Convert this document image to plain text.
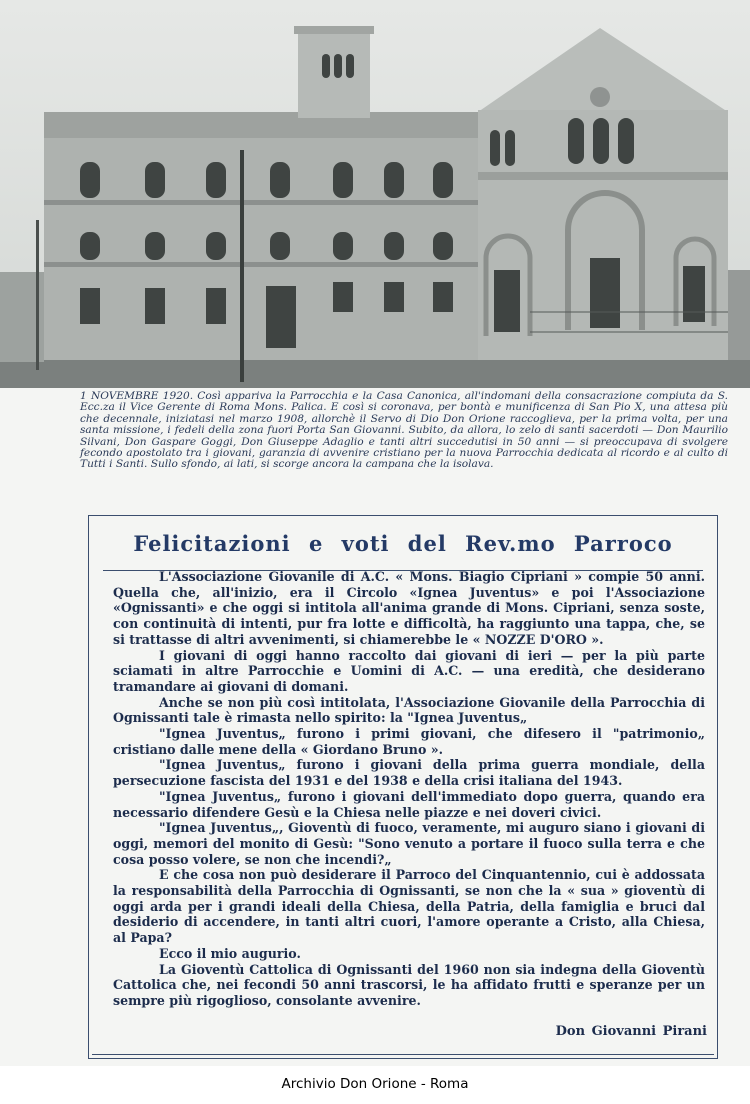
1 NOVEMBRE 1920. Così appariva la Parrocchia e la Casa Canonica, all'indomani della consacrazione compiuta da S. Ecc.za il Vice Gerente di Roma Mons. Palica. E così si coronava, per bontà e munificenza di San Pio X, una attesa più che decennale, iniziatasi nel marzo 1908, allorchè il Servo di Dio Don Orione raccoglieva, per la prima volta, per una santa missione, i fedeli della zona fuori Porta San Giovanni. Subito, da allora, lo zelo di santi sacerdoti — Don Maurilio Silvani, Don Gaspare Goggi, Don Giuseppe Adaglio e tanti altri succedutisi in 50 anni — si preoccupava di svolgere fecondo apostolato tra i giovani, garanzia di avvenire cristiano per la nuova Parrocchia dedicata al ricordo e al culto di Tutti i Santi. Sullo sfondo, ai lati, si scorge ancora la campana che la isolava.
Felicitazioni e voti del Rev.mo Parroco

L'Associazione Giovanile di A.C. « Mons. Biagio Cipriani » compie 50 anni. Quella che, all'inizio, era il Circolo «Ignea Juventus» e poi l'Associazione «Ognissanti» e che oggi si intitola all'anima grande di Mons. Cipriani, senza soste, con continuità di intenti, pur fra lotte e difficoltà, ha raggiunto una tappa, che, se si trattasse di altri avvenimenti, si chiamerebbe le « NOZZE D'ORO ».

I giovani di oggi hanno raccolto dai giovani di ieri — per la più parte sciamati in altre Parrocchie e Uomini di A.C. — una eredità, che desiderano tramandare ai giovani di domani.

Anche se non più così intitolata, l'Associazione Giovanile della Parrocchia di Ognissanti tale è rimasta nello spirito: la "Ignea Juventus„

"Ignea Juventus„ furono i primi giovani, che difesero il "patrimonio„ cristiano dalle mene della « Giordano Bruno ».

"Ignea Juventus„ furono i giovani della prima guerra mondiale, della persecuzione fascista del 1931 e del 1938 e della crisi italiana del 1943.

"Ignea Juventus„ furono i giovani dell'immediato dopo guerra, quando era necessario difendere Gesù e la Chiesa nelle piazze e nei doveri civici.

"Ignea Juventus„, Gioventù di fuoco, veramente, mi auguro siano i giovani di oggi, memori del monito di Gesù: "Sono venuto a portare il fuoco sulla terra e che cosa posso volere, se non che incendi?„

E che cosa non può desiderare il Parroco del Cinquantennio, cui è addossata la responsabilità della Parrocchia di Ognissanti, se non che la « sua » gioventù di oggi arda per i grandi ideali della Chiesa, della Patria, della famiglia e bruci dal desiderio di accendere, in tanti altri cuori, l'amore operante a Cristo, alla Chiesa, al Papa?

Ecco il mio augurio.

La Gioventù Cattolica di Ognissanti del 1960 non sia indegna della Gioventù Cattolica che, nei fecondi 50 anni trascorsi, le ha affidato frutti e speranze per un sempre più rigoglioso, consolante avvenire.

Don Giovanni Pirani
Archivio Don Orione - Roma
